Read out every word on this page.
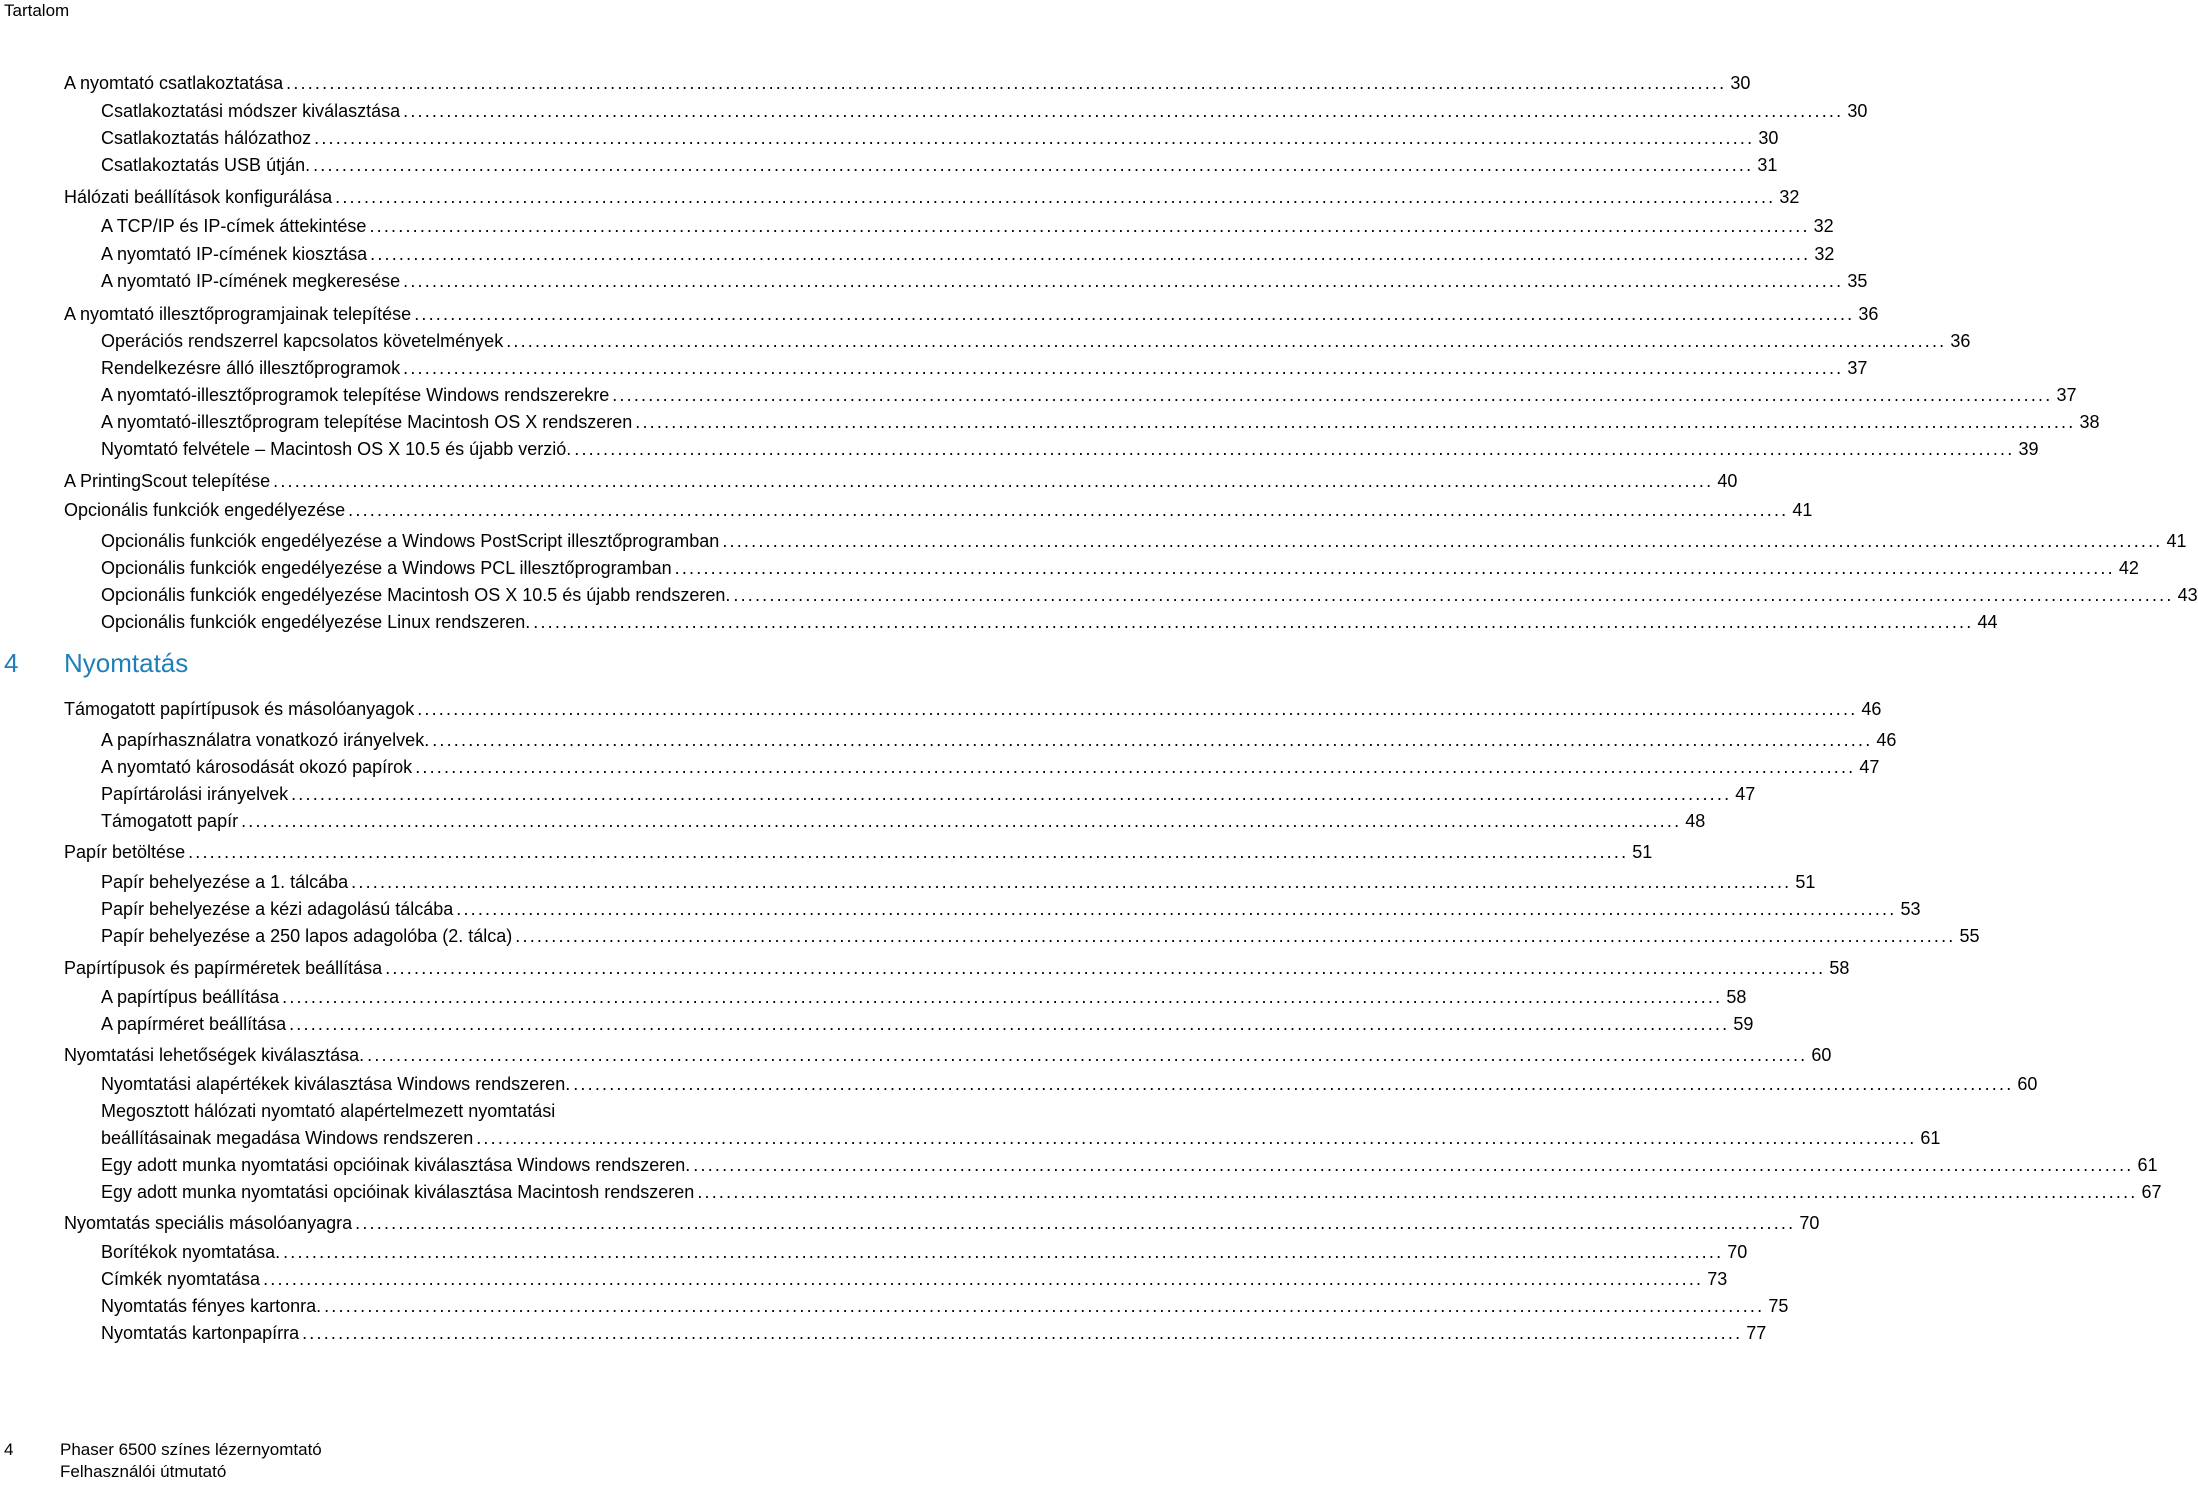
Tartalom
A nyomtató csatlakoztatása ........................................................................................................................................................................................................ 30
Csatlakoztatási módszer kiválasztása ........................................................................................................................................................................................................ 30
Csatlakoztatás hálózathoz ........................................................................................................................................................................................................ 30
Csatlakoztatás USB útján. ........................................................................................................................................................................................................ 31
Hálózati beállítások konfigurálása ........................................................................................................................................................................................................ 32
A TCP/IP és IP-címek áttekintése ........................................................................................................................................................................................................ 32
A nyomtató IP-címének kiosztása ........................................................................................................................................................................................................ 32
A nyomtató IP-címének megkeresése ........................................................................................................................................................................................................ 35
A nyomtató illesztőprogramjainak telepítése ........................................................................................................................................................................................................ 36
Operációs rendszerrel kapcsolatos követelmények ........................................................................................................................................................................................................ 36
Rendelkezésre álló illesztőprogramok ........................................................................................................................................................................................................ 37
A nyomtató-illesztőprogramok telepítése Windows rendszerekre ........................................................................................................................................................................................................ 37
A nyomtató-illesztőprogram telepítése Macintosh OS X rendszeren ........................................................................................................................................................................................................ 38
Nyomtató felvétele – Macintosh OS X 10.5 és újabb verzió. ........................................................................................................................................................................................................ 39
A PrintingScout telepítése ........................................................................................................................................................................................................ 40
Opcionális funkciók engedélyezése ........................................................................................................................................................................................................ 41
Opcionális funkciók engedélyezése a Windows PostScript illesztőprogramban ........................................................................................................................................................................................................ 41
Opcionális funkciók engedélyezése a Windows PCL illesztőprogramban ........................................................................................................................................................................................................ 42
Opcionális funkciók engedélyezése Macintosh OS X 10.5 és újabb rendszeren. ........................................................................................................................................................................................................ 43
Opcionális funkciók engedélyezése Linux rendszeren. ........................................................................................................................................................................................................ 44
4 Nyomtatás
Támogatott papírtípusok és másolóanyagok ........................................................................................................................................................................................................ 46
A papírhasználatra vonatkozó irányelvek. ........................................................................................................................................................................................................ 46
A nyomtató károsodását okozó papírok ........................................................................................................................................................................................................ 47
Papírtárolási irányelvek ........................................................................................................................................................................................................ 47
Támogatott papír ........................................................................................................................................................................................................ 48
Papír betöltése ........................................................................................................................................................................................................ 51
Papír behelyezése a 1. tálcába ........................................................................................................................................................................................................ 51
Papír behelyezése a kézi adagolású tálcába ........................................................................................................................................................................................................ 53
Papír behelyezése a 250 lapos adagolóba (2. tálca) ........................................................................................................................................................................................................ 55
Papírtípusok és papírméretek beállítása ........................................................................................................................................................................................................ 58
A papírtípus beállítása ........................................................................................................................................................................................................ 58
A papírméret beállítása ........................................................................................................................................................................................................ 59
Nyomtatási lehetőségek kiválasztása. ........................................................................................................................................................................................................ 60
Nyomtatási alapértékek kiválasztása Windows rendszeren. ........................................................................................................................................................................................................ 60
Megosztott hálózati nyomtató alapértelmezett nyomtatási
beállításainak megadása Windows rendszeren ........................................................................................................................................................................................................ 61
Egy adott munka nyomtatási opcióinak kiválasztása Windows rendszeren. ........................................................................................................................................................................................................ 61
Egy adott munka nyomtatási opcióinak kiválasztása Macintosh rendszeren ........................................................................................................................................................................................................ 67
Nyomtatás speciális másolóanyagra ........................................................................................................................................................................................................ 70
Borítékok nyomtatása. ........................................................................................................................................................................................................ 70
Címkék nyomtatása ........................................................................................................................................................................................................ 73
Nyomtatás fényes kartonra. ........................................................................................................................................................................................................ 75
Nyomtatás kartonpapírra ........................................................................................................................................................................................................ 77
4	Phaser 6500 színes lézernyomtató
Felhasználói útmutató
